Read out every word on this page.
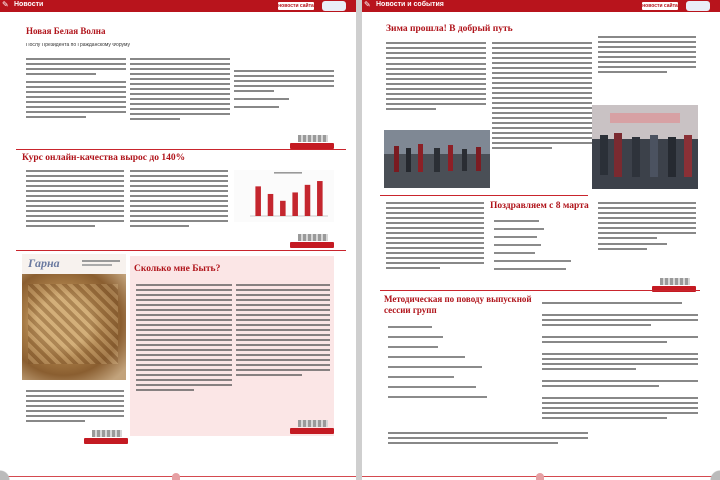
✎ Новости	новости сайта
Новая Белая Волна
Послу Президента по Гражданскому Форуму
Курс онлайн-качества вырос до 140%
Гарна	Сколько мне Быть?
✎ Новости и события	новости сайта
Зима прошла! В добрый путь
Поздравляем с 8 марта
Методическая по поводу выпускной сессии групп
